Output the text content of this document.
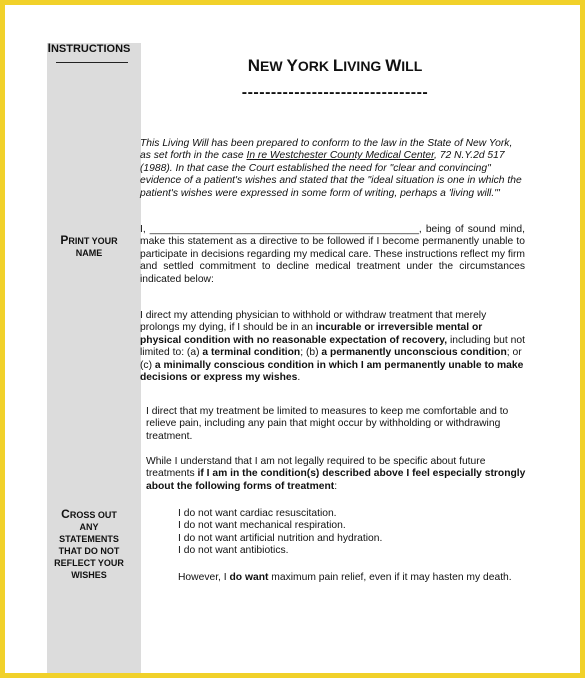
INSTRUCTIONS
PRINT YOUR
NAME
CROSS OUT
ANY
STATEMENTS
THAT DO NOT
REFLECT YOUR
WISHES
NEW YORK LIVING WILL
--------------------------------
This Living Will has been prepared to conform to the law in the State of New York, as set forth in the case In re Westchester County Medical Center, 72 N.Y.2d 517 (1988). In that case the Court established the need for "clear and convincing" evidence of a patient's wishes and stated that the "ideal situation is one in which the patient's wishes were expressed in some form of writing, perhaps a 'living will.'"
I, _______________________________________________, being of sound mind, make this statement as a directive to be followed if I become permanently unable to participate in decisions regarding my medical care. These instructions reflect my firm and settled commitment to decline medical treatment under the circumstances indicated below:
I direct my attending physician to withhold or withdraw treatment that merely prolongs my dying, if I should be in an incurable or irreversible mental or physical condition with no reasonable expectation of recovery, including but not limited to: (a) a terminal condition; (b) a permanently unconscious condition; or (c) a minimally conscious condition in which I am permanently unable to make decisions or express my wishes.
I direct that my treatment be limited to measures to keep me comfortable and to relieve pain, including any pain that might occur by withholding or withdrawing treatment.
While I understand that I am not legally required to be specific about future treatments if I am in the condition(s) described above I feel especially strongly about the following forms of treatment:
I do not want cardiac resuscitation.
I do not want mechanical respiration.
I do not want artificial nutrition and hydration.
I do not want antibiotics.
However, I do want maximum pain relief, even if it may hasten my death.
